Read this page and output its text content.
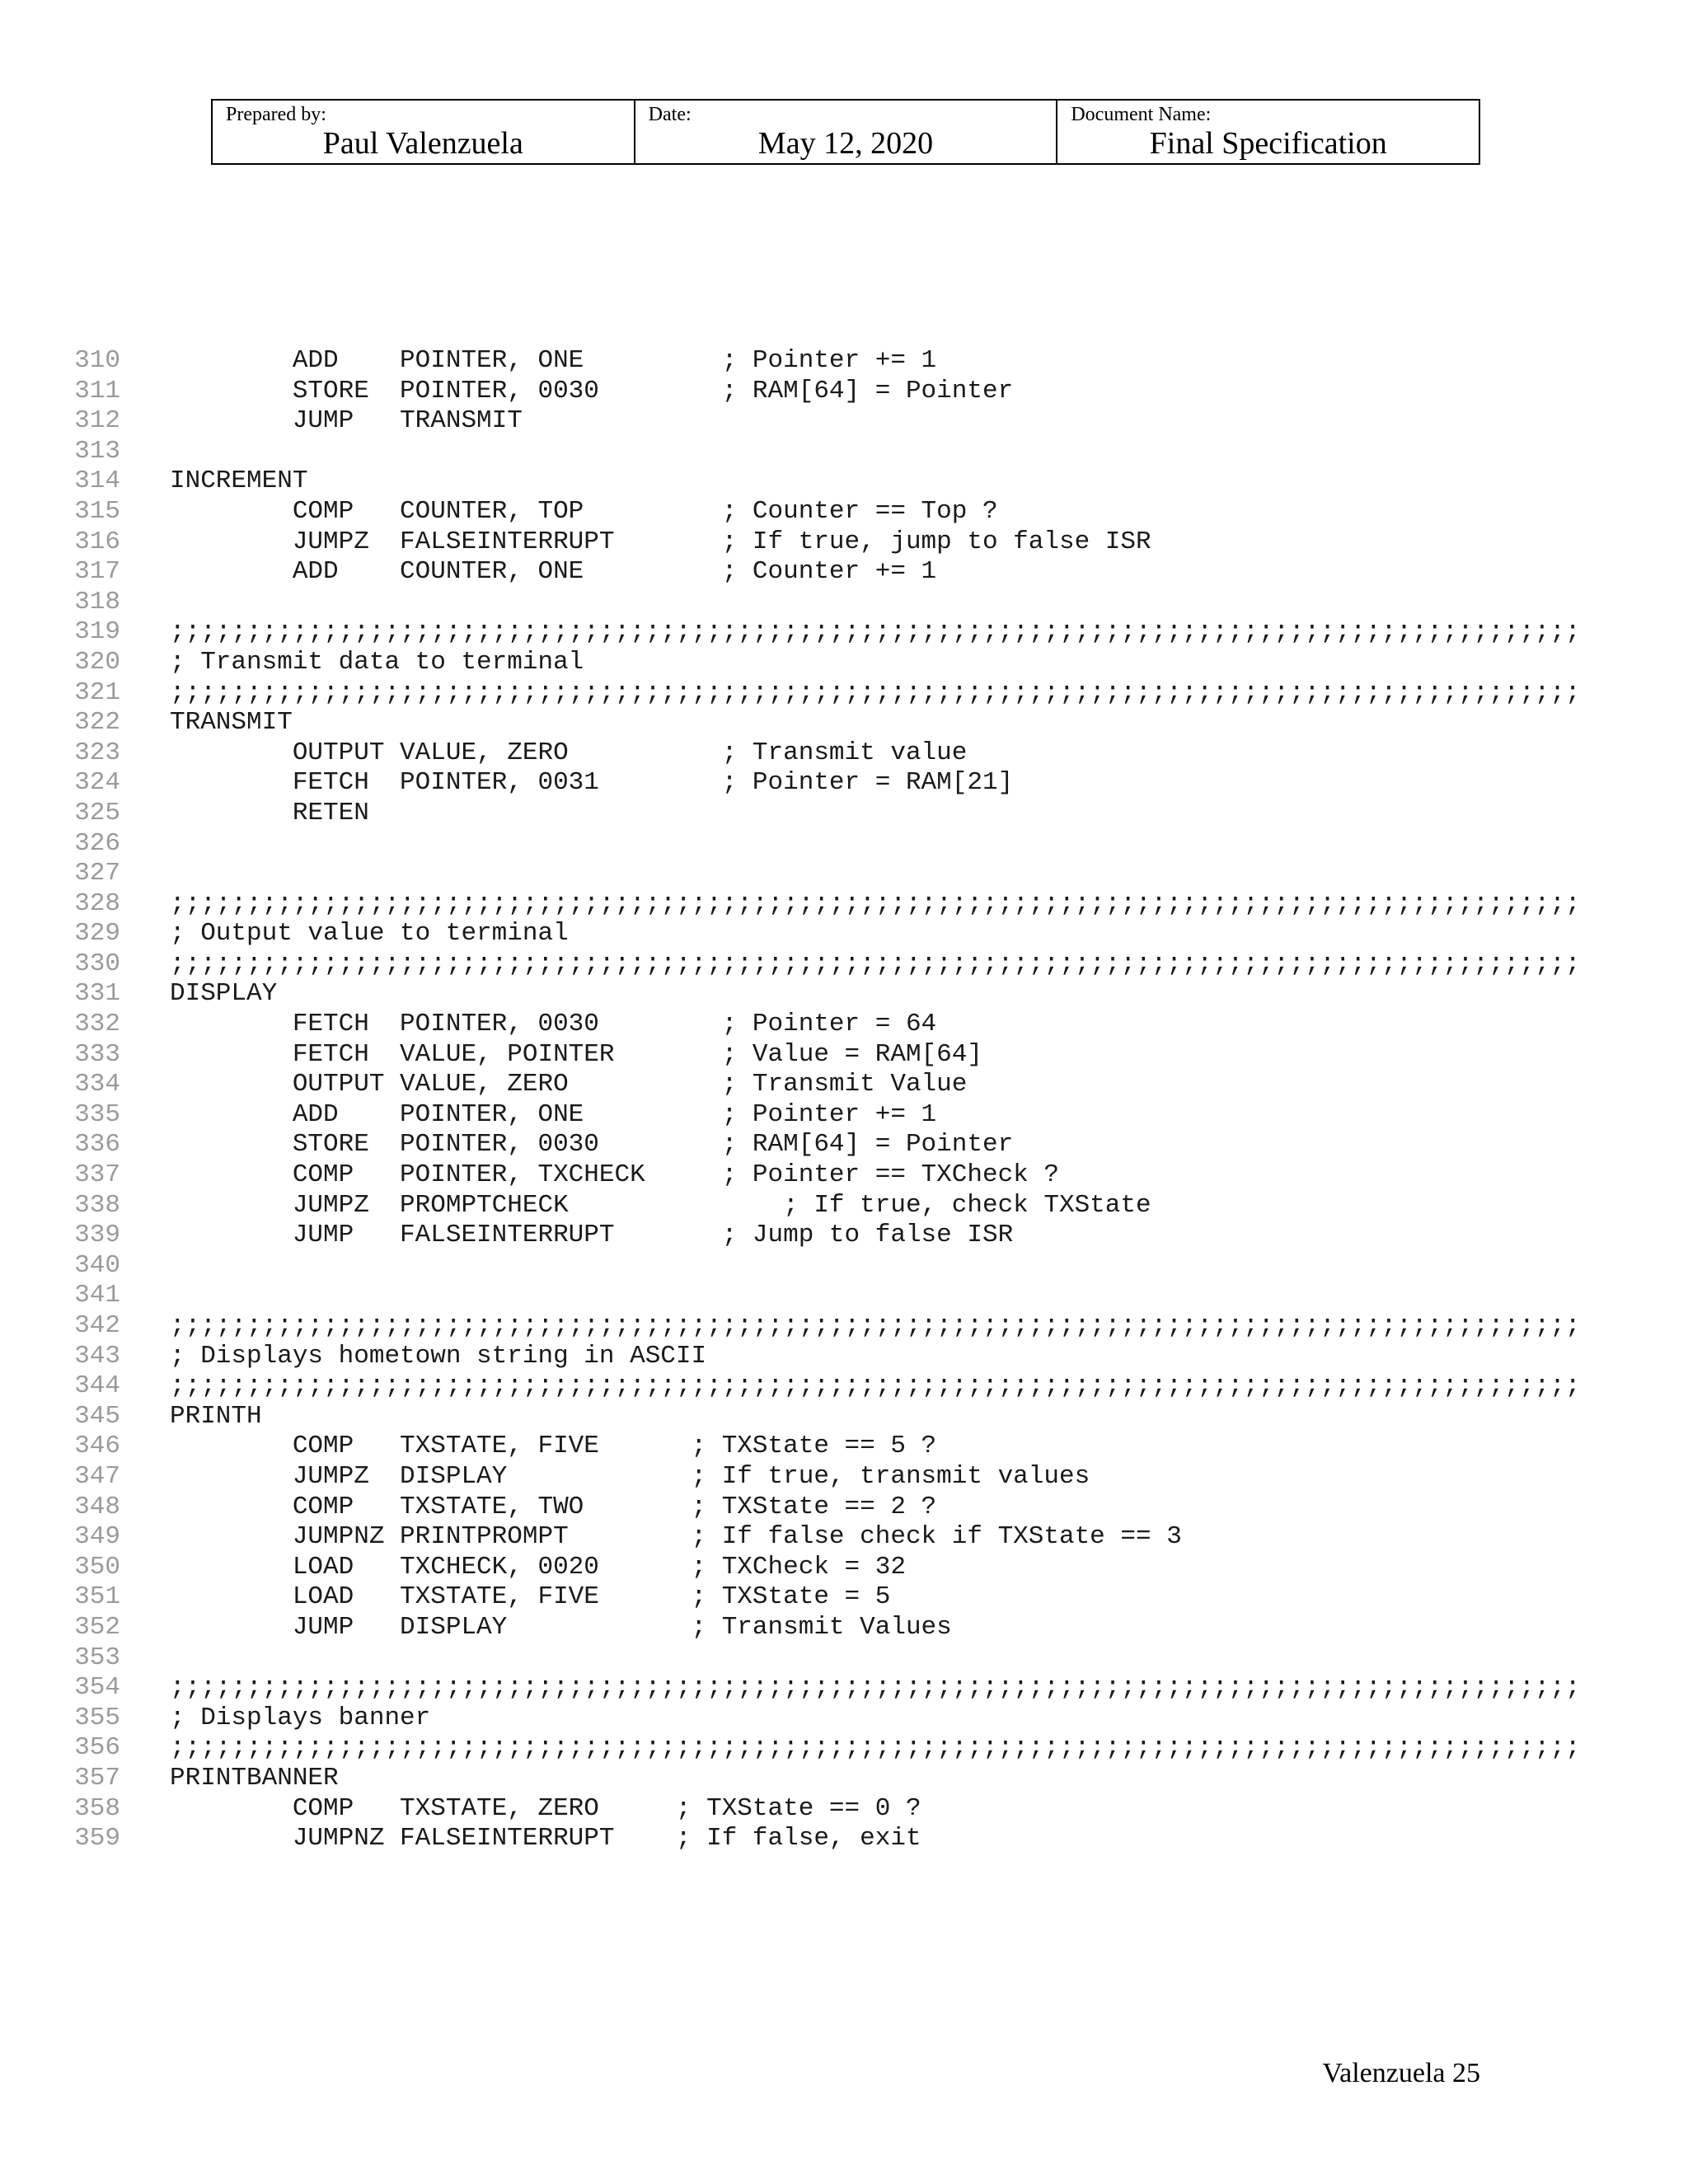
Prepared by:
Paul Valenzuela
Date:
May 12, 2020
Document Name:
Final Specification
310 ADD    POINTER, ONE         ; Pointer += 1
311 STORE  POINTER, 0030        ; RAM[64] = Pointer
312 JUMP   TRANSMIT
313
314 INCREMENT
315 COMP   COUNTER, TOP         ; Counter == Top ?
316 JUMPZ  FALSEINTERRUPT       ; If true, jump to false ISR
317 ADD    COUNTER, ONE         ; Counter += 1
318
319 ;;;;;;;;;;;;;;;;;;;;;;;;;;;;;;;;;;;;;;;;;;;;;;;;;;;;;;;;;;;;;;;;;;;;;;;;;;;;;;;;;;;;;;;;;;;;
320 ; Transmit data to terminal
321 ;;;;;;;;;;;;;;;;;;;;;;;;;;;;;;;;;;;;;;;;;;;;;;;;;;;;;;;;;;;;;;;;;;;;;;;;;;;;;;;;;;;;;;;;;;;;
322 TRANSMIT
323 OUTPUT VALUE, ZERO          ; Transmit value
324 FETCH  POINTER, 0031        ; Pointer = RAM[21]
325 RETEN
326
327
328 ;;;;;;;;;;;;;;;;;;;;;;;;;;;;;;;;;;;;;;;;;;;;;;;;;;;;;;;;;;;;;;;;;;;;;;;;;;;;;;;;;;;;;;;;;;;;
329 ; Output value to terminal
330 ;;;;;;;;;;;;;;;;;;;;;;;;;;;;;;;;;;;;;;;;;;;;;;;;;;;;;;;;;;;;;;;;;;;;;;;;;;;;;;;;;;;;;;;;;;;;
331 DISPLAY
332 FETCH  POINTER, 0030        ; Pointer = 64
333 FETCH  VALUE, POINTER       ; Value = RAM[64]
334 OUTPUT VALUE, ZERO          ; Transmit Value
335 ADD    POINTER, ONE         ; Pointer += 1
336 STORE  POINTER, 0030        ; RAM[64] = Pointer
337 COMP   POINTER, TXCHECK     ; Pointer == TXCheck ?
338 JUMPZ  PROMPTCHECK              ; If true, check TXState
339 JUMP   FALSEINTERRUPT       ; Jump to false ISR
340
341
342 ;;;;;;;;;;;;;;;;;;;;;;;;;;;;;;;;;;;;;;;;;;;;;;;;;;;;;;;;;;;;;;;;;;;;;;;;;;;;;;;;;;;;;;;;;;;;
343 ; Displays hometown string in ASCII
344 ;;;;;;;;;;;;;;;;;;;;;;;;;;;;;;;;;;;;;;;;;;;;;;;;;;;;;;;;;;;;;;;;;;;;;;;;;;;;;;;;;;;;;;;;;;;;
345 PRINTH
346 COMP   TXSTATE, FIVE      ; TXState == 5 ?
347 JUMPZ  DISPLAY            ; If true, transmit values
348 COMP   TXSTATE, TWO       ; TXState == 2 ?
349 JUMPNZ PRINTPROMPT        ; If false check if TXState == 3
350 LOAD   TXCHECK, 0020      ; TXCheck = 32
351 LOAD   TXSTATE, FIVE      ; TXState = 5
352 JUMP   DISPLAY            ; Transmit Values
353
354 ;;;;;;;;;;;;;;;;;;;;;;;;;;;;;;;;;;;;;;;;;;;;;;;;;;;;;;;;;;;;;;;;;;;;;;;;;;;;;;;;;;;;;;;;;;;;
355 ; Displays banner
356 ;;;;;;;;;;;;;;;;;;;;;;;;;;;;;;;;;;;;;;;;;;;;;;;;;;;;;;;;;;;;;;;;;;;;;;;;;;;;;;;;;;;;;;;;;;;;
357 PRINTBANNER
358 COMP   TXSTATE, ZERO     ; TXState == 0 ?
359 JUMPNZ FALSEINTERRUPT    ; If false, exit
Valenzuela 25
